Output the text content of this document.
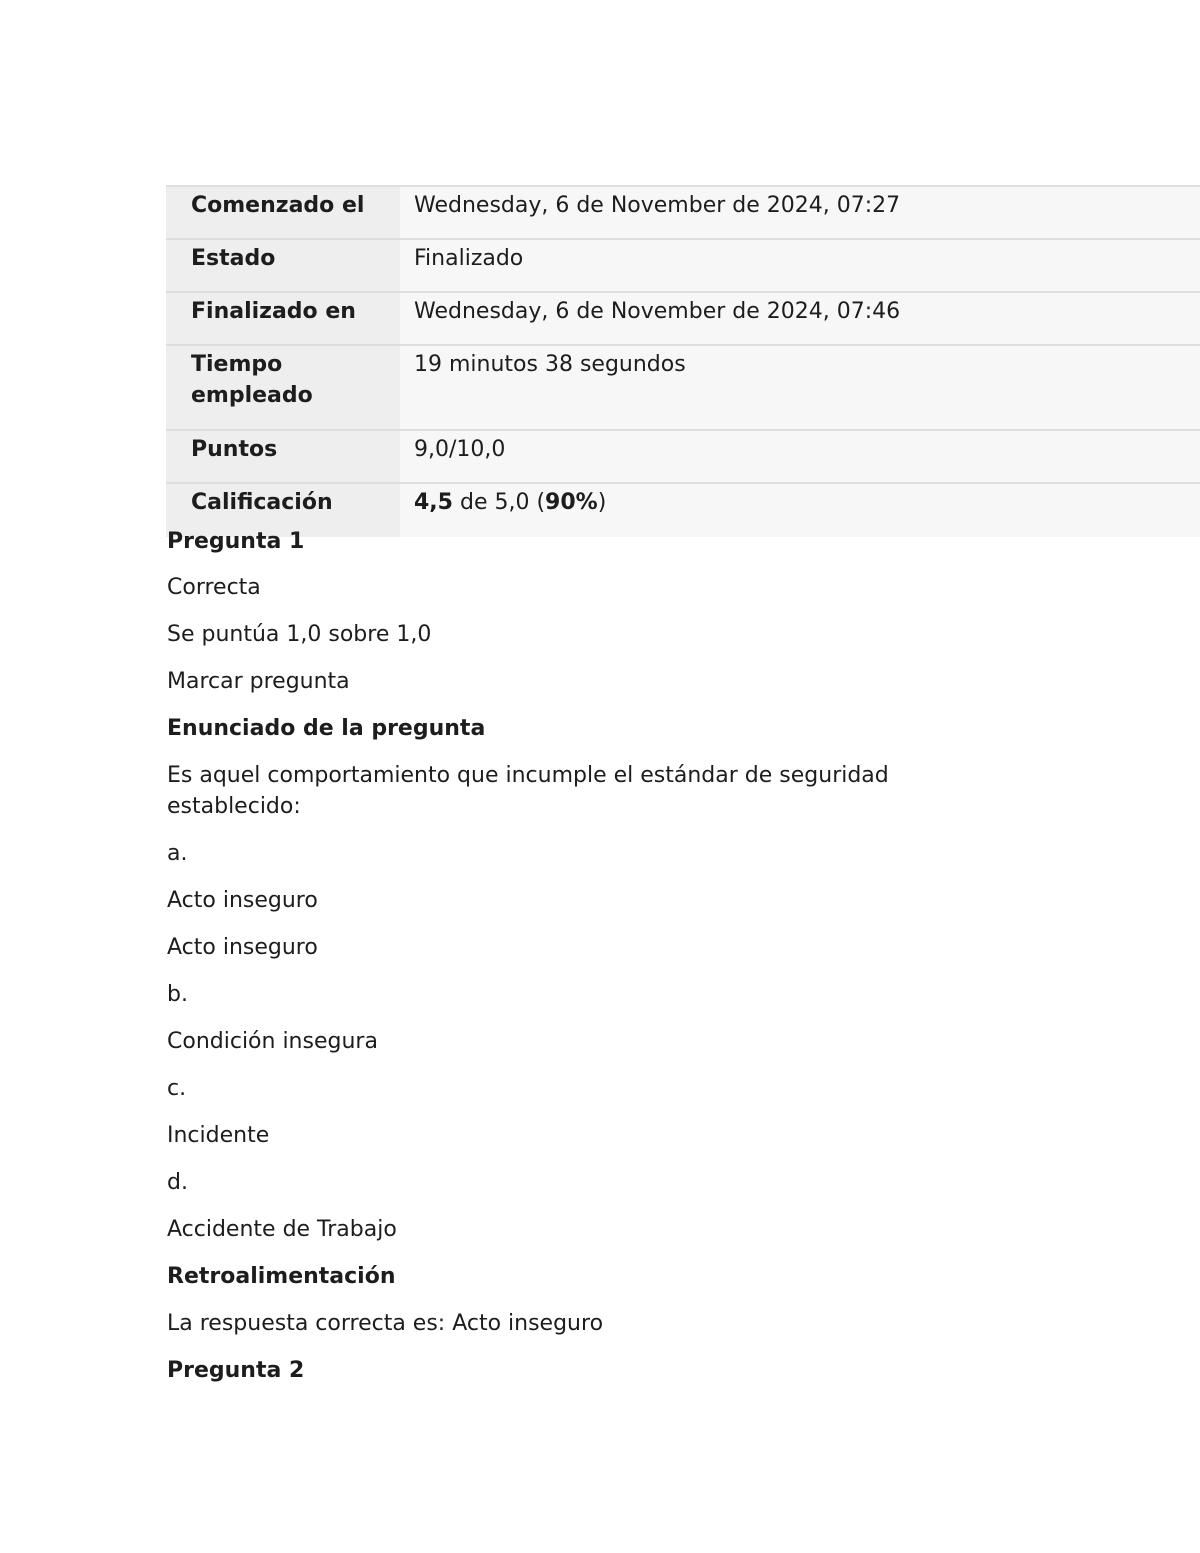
Comenzado el	Wednesday, 6 de November de 2024, 07:27
Estado	Finalizado
Finalizado en	Wednesday, 6 de November de 2024, 07:46
Tiempo empleado	19 minutos 38 segundos
Puntos	9,0/10,0
Calificación	4,5 de 5,0 (90%)

Pregunta 1

Correcta

Se puntúa 1,0 sobre 1,0

Marcar pregunta

Enunciado de la pregunta

Es aquel comportamiento que incumple el estándar de seguridad establecido:

a.

Acto inseguro

Acto inseguro

b.

Condición insegura

c.

Incidente

d.

Accidente de Trabajo

Retroalimentación

La respuesta correcta es: Acto inseguro

Pregunta 2
